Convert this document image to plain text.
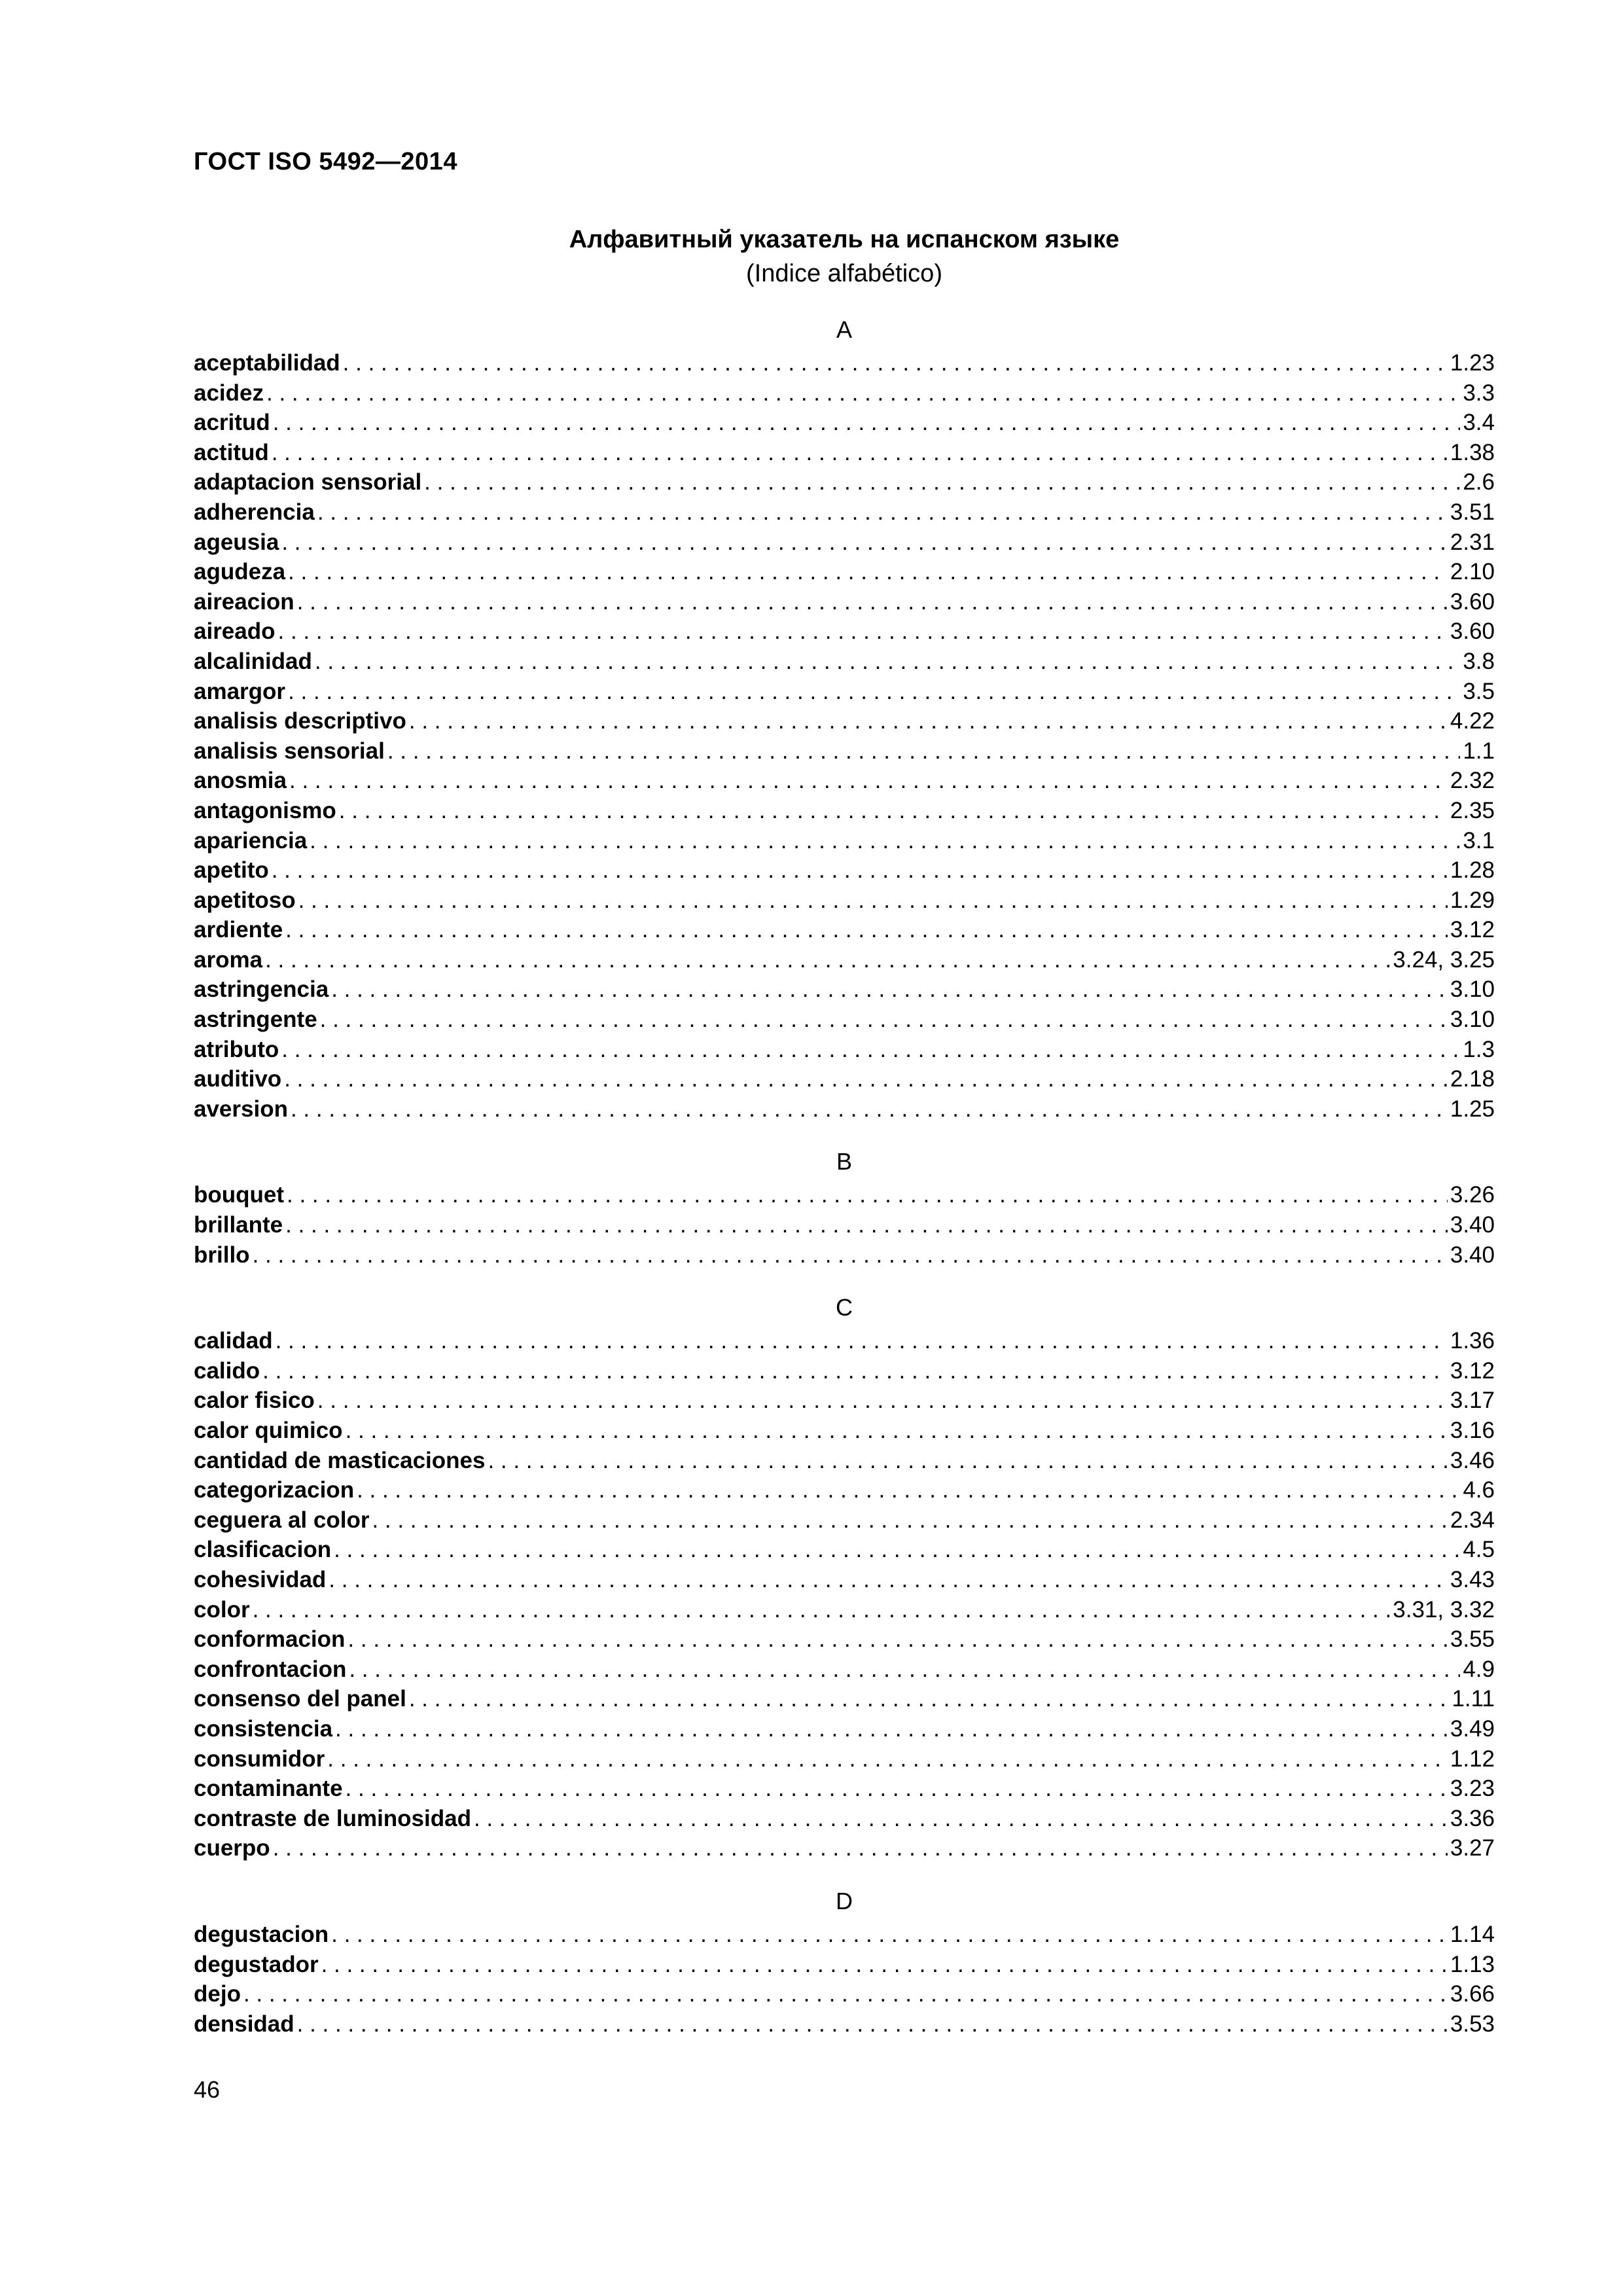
ГОСТ ISO 5492—2014
Алфавитный указатель на испанском языке
(Indice alfabético)
A
aceptabilidad . . .	1.23
acidez . . .	3.3
acritud . . .	3.4
actitud . . .	1.38
adaptacion sensorial . . .	2.6
adherencia . . .	3.51
ageusia . . .	2.31
agudeza . . .	2.10
aireacion . . .	3.60
aireado . . .	3.60
alcalinidad . . .	3.8
amargor . . .	3.5
analisis descriptivo . . .	4.22
analisis sensorial . . .	1.1
anosmia . . .	2.32
antagonismo . . .	2.35
apariencia . . .	3.1
apetito . . .	1.28
apetitoso . . .	1.29
ardiente . . .	3.12
aroma . . .	3.24, 3.25
astringencia . . .	3.10
astringente . . .	3.10
atributo . . .	1.3
auditivo . . .	2.18
aversion . . .	1.25
B
bouquet . . .	3.26
brillante . . .	3.40
brillo . . .	3.40
C
calidad . . .	1.36
calido . . .	3.12
calor fisico . . .	3.17
calor quimico . . .	3.16
cantidad de masticaciones . . .	3.46
categorizacion . . .	4.6
ceguera al color . . .	2.34
clasificacion . . .	4.5
cohesividad . . .	3.43
color . . .	3.31, 3.32
conformacion . . .	3.55
confrontacion . . .	4.9
consenso del panel . . .	1.11
consistencia . . .	3.49
consumidor . . .	1.12
contaminante . . .	3.23
contraste de luminosidad . . .	3.36
cuerpo . . .	3.27
D
degustacion . . .	1.14
degustador . . .	1.13
dejo . . .	3.66
densidad . . .	3.53
46
